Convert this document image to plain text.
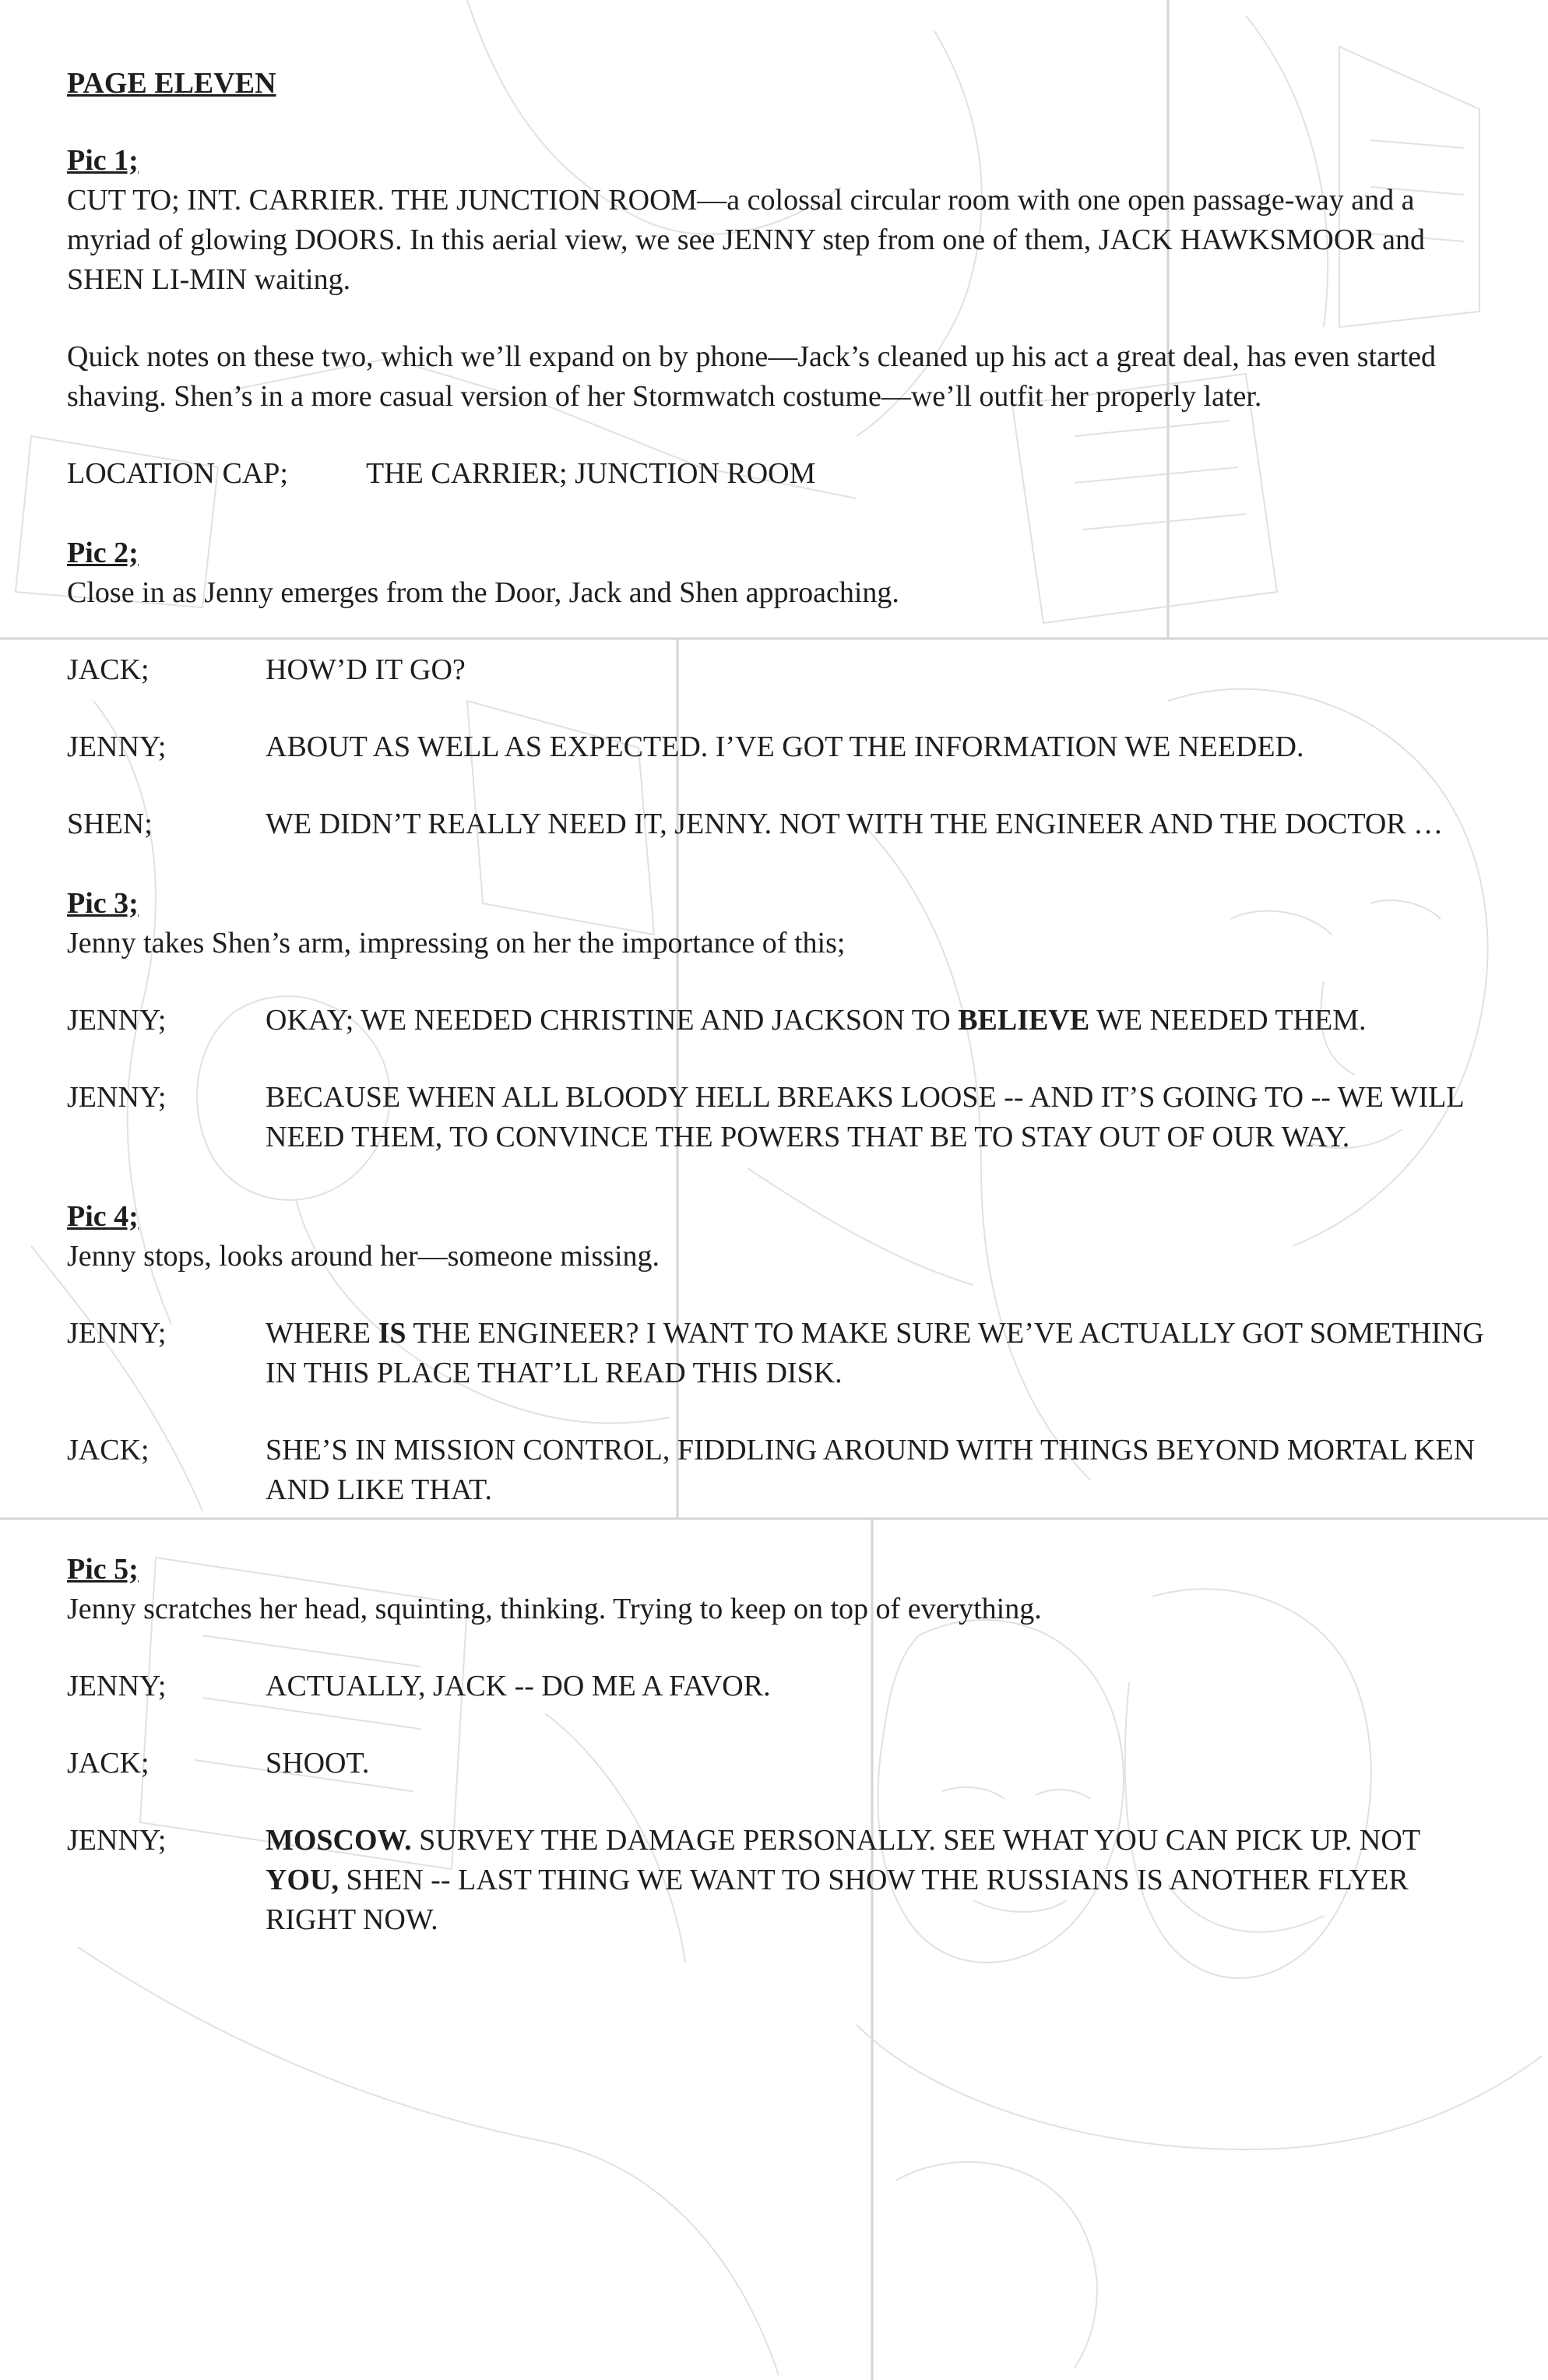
PAGE ELEVEN

Pic 1;

CUT TO; INT. CARRIER. THE JUNCTION ROOM—a colossal circular room with one open passage-way and a myriad of glowing DOORS. In this aerial view, we see JENNY step from one of them, JACK HAWKSMOOR and SHEN LI-MIN waiting.

Quick notes on these two, which we’ll expand on by phone—Jack’s cleaned up his act a great deal, has even started shaving. Shen’s in a more casual version of her Stormwatch costume—we’ll outfit her properly later.

LOCATION CAP;	THE CARRIER; JUNCTION ROOM

Pic 2;

Close in as Jenny emerges from the Door, Jack and Shen approaching.

JACK;	HOW’D IT GO?
JENNY;	ABOUT AS WELL AS EXPECTED. I’VE GOT THE INFORMATION WE NEEDED.
SHEN;	WE DIDN’T REALLY NEED IT, JENNY. NOT WITH THE ENGINEER AND THE DOCTOR …

Pic 3;

Jenny takes Shen’s arm, impressing on her the importance of this;

JENNY;	OKAY; WE NEEDED CHRISTINE AND JACKSON TO BELIEVE WE NEEDED THEM.
JENNY;	BECAUSE WHEN ALL BLOODY HELL BREAKS LOOSE -- AND IT’S GOING TO -- WE WILL NEED THEM, TO CONVINCE THE POWERS THAT BE TO STAY OUT OF OUR WAY.

Pic 4;

Jenny stops, looks around her—someone missing.

JENNY;	WHERE IS THE ENGINEER? I WANT TO MAKE SURE WE’VE ACTUALLY GOT SOMETHING IN THIS PLACE THAT’LL READ THIS DISK.
JACK;	SHE’S IN MISSION CONTROL, FIDDLING AROUND WITH THINGS BEYOND MORTAL KEN AND LIKE THAT.

Pic 5;

Jenny scratches her head, squinting, thinking. Trying to keep on top of everything.

JENNY;	ACTUALLY, JACK -- DO ME A FAVOR.
JACK;	SHOOT.
JENNY;	MOSCOW. SURVEY THE DAMAGE PERSONALLY. SEE WHAT YOU CAN PICK UP. NOT YOU, SHEN -- LAST THING WE WANT TO SHOW THE RUSSIANS IS ANOTHER FLYER RIGHT NOW.
